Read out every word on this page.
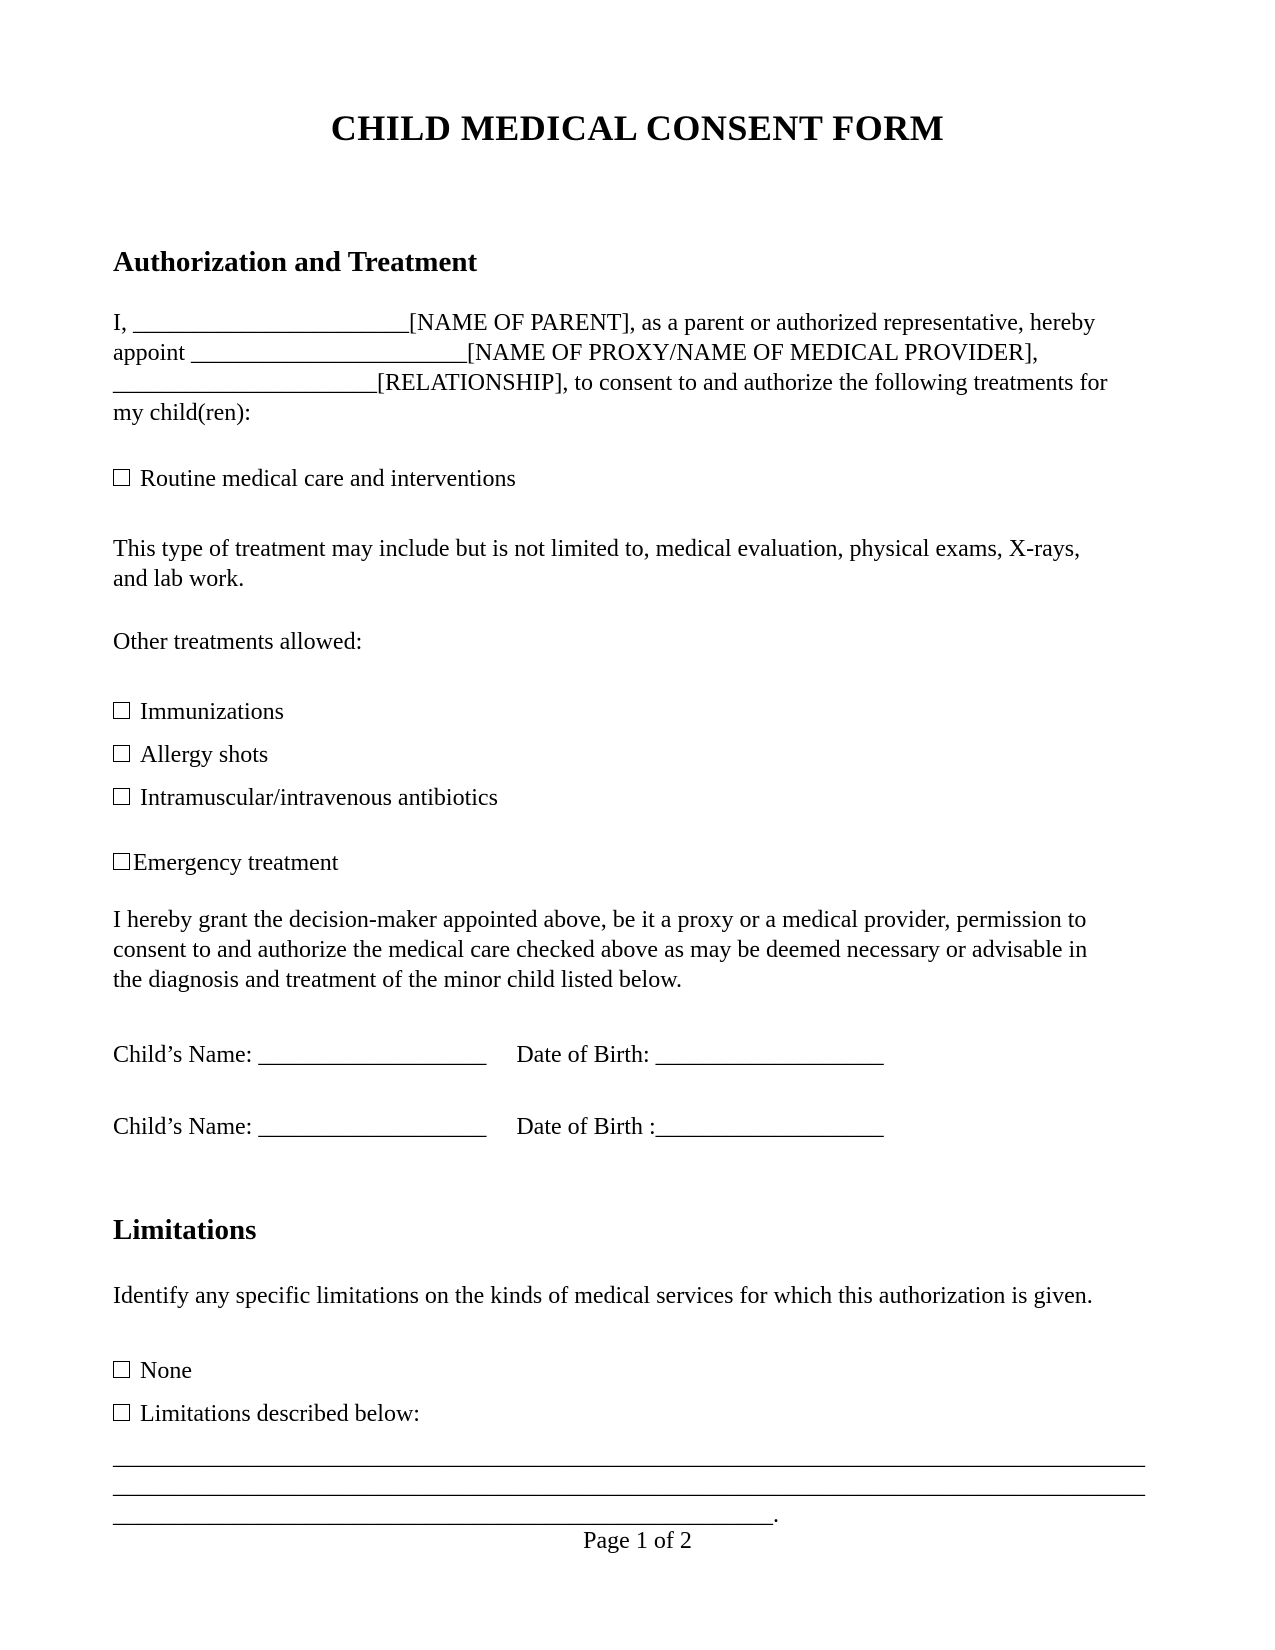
CHILD MEDICAL CONSENT FORM
Authorization and Treatment
I, _______________________[NAME OF PARENT], as a parent or authorized representative, hereby
appoint _______________________[NAME OF PROXY/NAME OF MEDICAL PROVIDER],
______________________[RELATIONSHIP], to consent to and authorize the following treatments for
my child(ren):
Routine medical care and interventions
This type of treatment may include but is not limited to, medical evaluation, physical exams, X-rays,
and lab work.
Other treatments allowed:
Immunizations
Allergy shots
Intramuscular/intravenous antibiotics
Emergency treatment
I hereby grant the decision-maker appointed above, be it a proxy or a medical provider, permission to
consent to and authorize the medical care checked above as may be deemed necessary or advisable in
the diagnosis and treatment of the minor child listed below.
Child’s Name: ___________________ Date of Birth: ___________________
Child’s Name: ___________________ Date of Birth :___________________
Limitations
Identify any specific limitations on the kinds of medical services for which this authorization is given.
None
Limitations described below:
______________________________________________________________________________________
______________________________________________________________________________________
_______________________________________________________.
Page 1 of 2
